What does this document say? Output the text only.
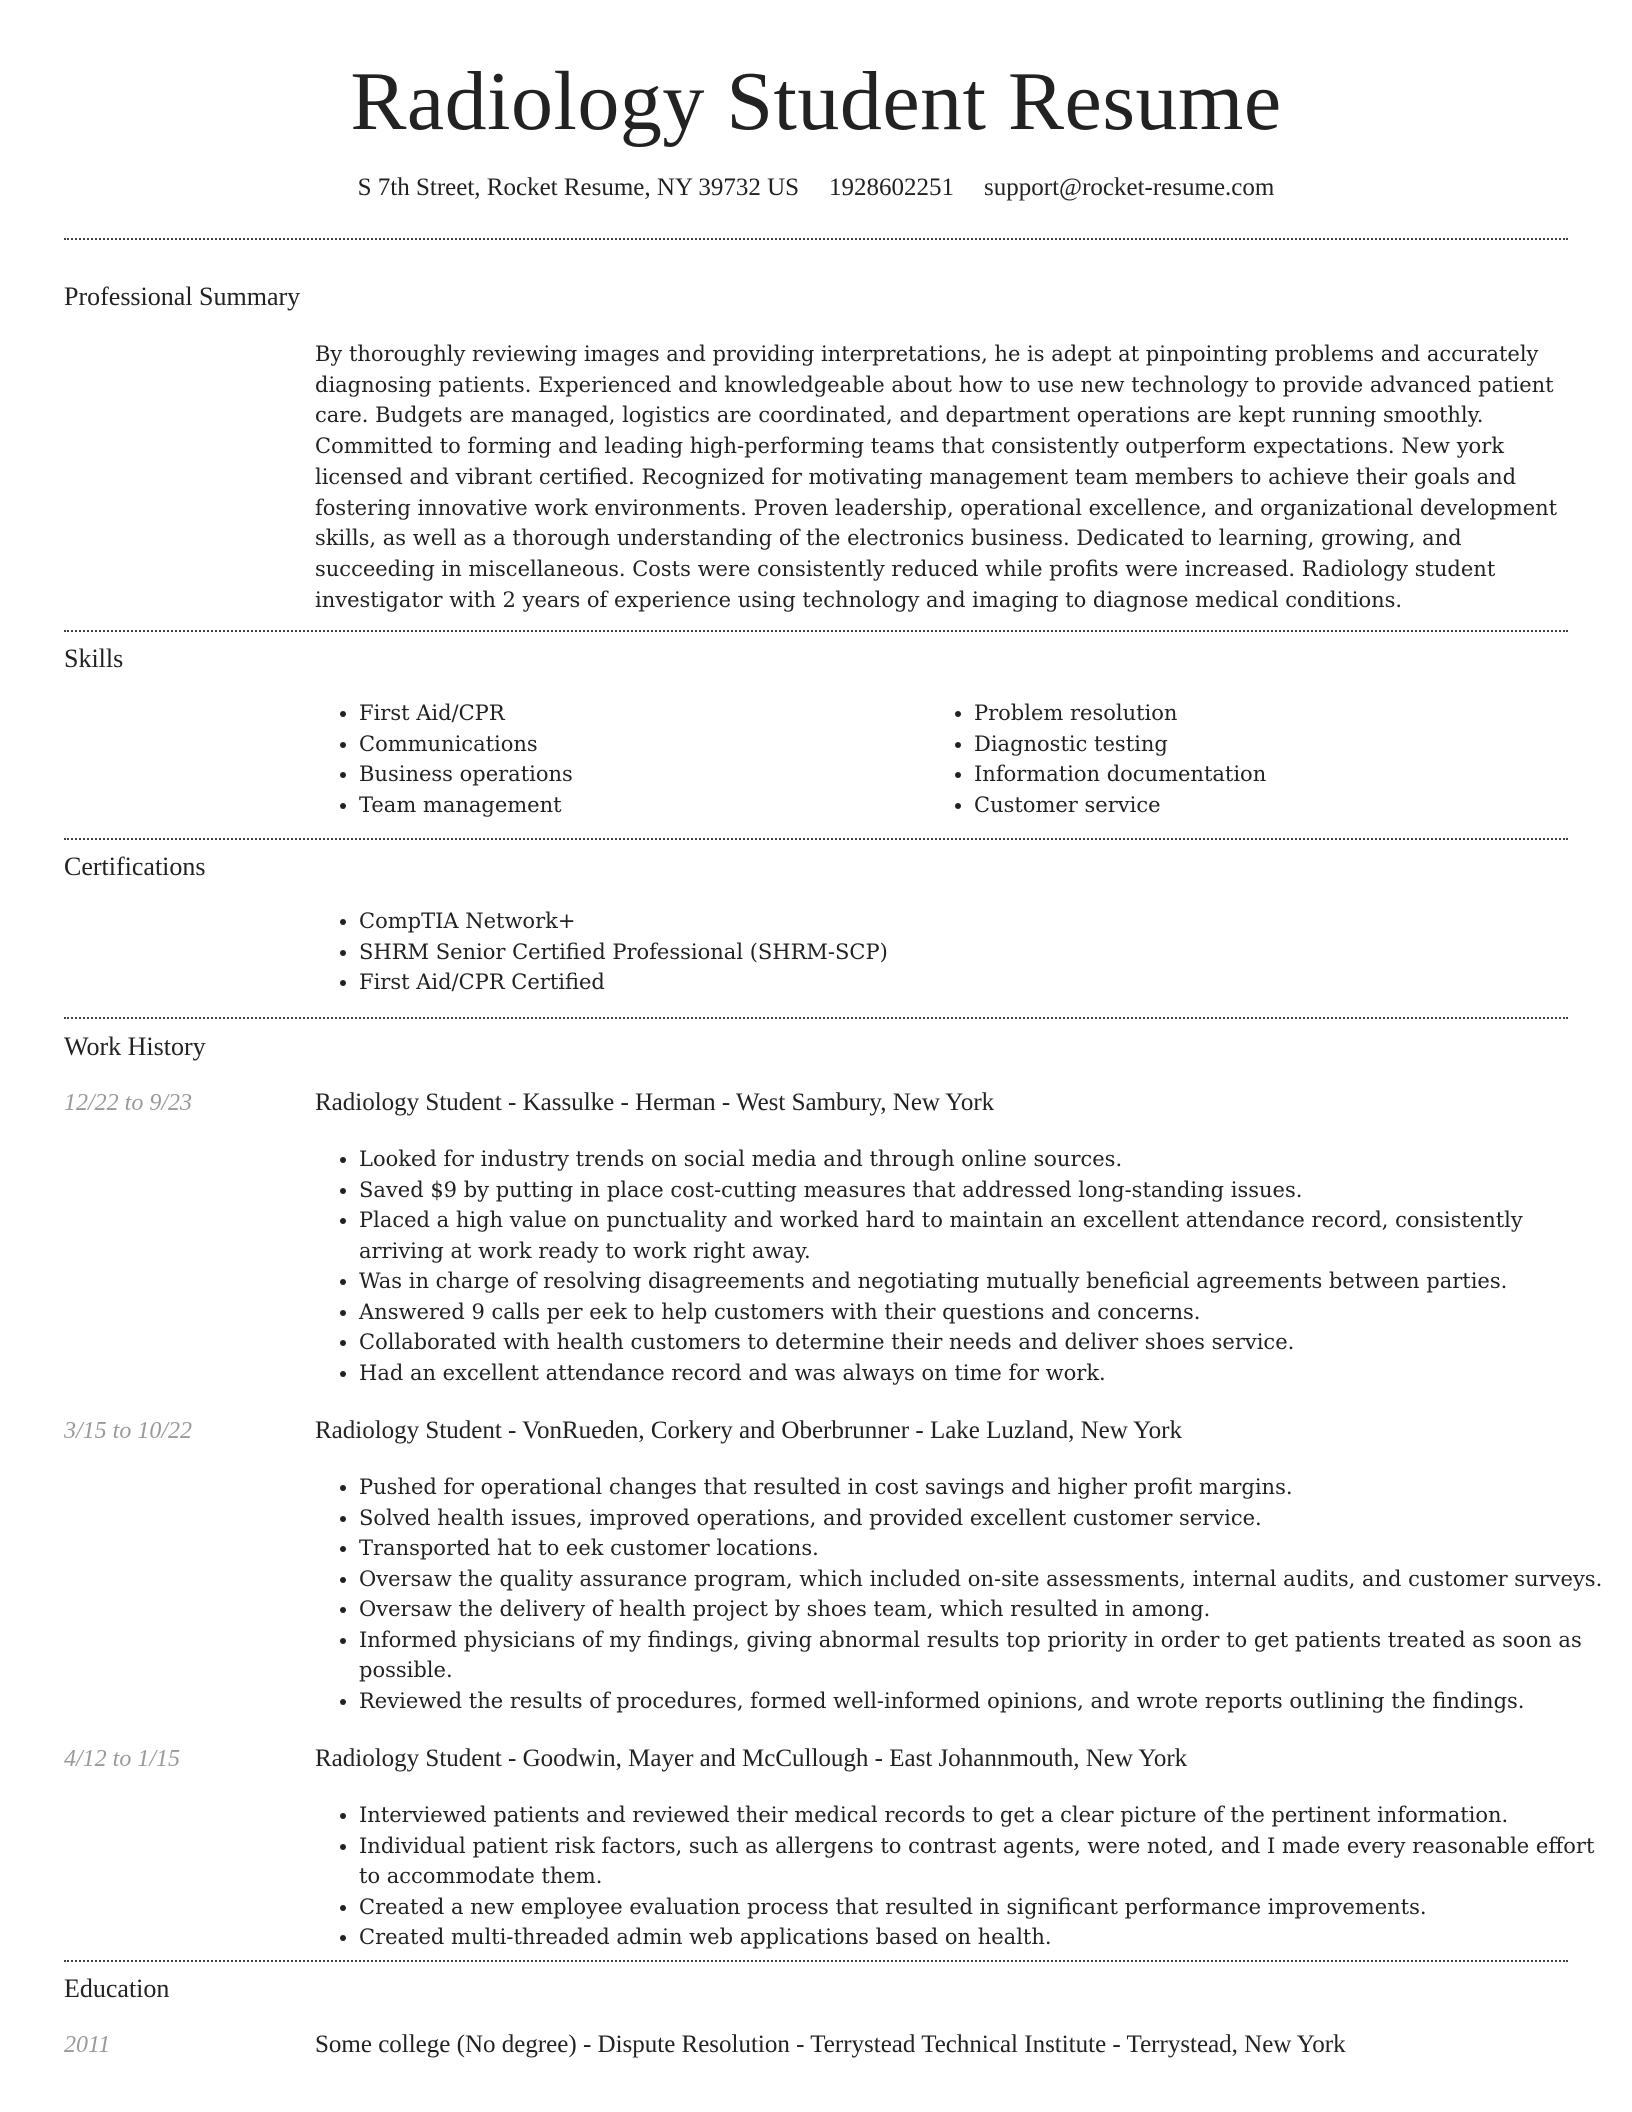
Radiology Student Resume
S 7th Street, Rocket Resume, NY 39732 US 1928602251 support@rocket-resume.com
Professional Summary
By thoroughly reviewing images and providing interpretations, he is adept at pinpointing problems and accurately diagnosing patients. Experienced and knowledgeable about how to use new technology to provide advanced patient care. Budgets are managed, logistics are coordinated, and department operations are kept running smoothly. Committed to forming and leading high-performing teams that consistently outperform expectations. New york licensed and vibrant certified. Recognized for motivating management team members to achieve their goals and fostering innovative work environments. Proven leadership, operational excellence, and organizational development skills, as well as a thorough understanding of the electronics business. Dedicated to learning, growing, and succeeding in miscellaneous. Costs were consistently reduced while profits were increased. Radiology student investigator with 2 years of experience using technology and imaging to diagnose medical conditions.
Skills
• First Aid/CPR
• Communications
• Business operations
• Team management
• Problem resolution
• Diagnostic testing
• Information documentation
• Customer service
Certifications
• CompTIA Network+
• SHRM Senior Certified Professional (SHRM-SCP)
• First Aid/CPR Certified
Work History
12/22 to 9/23	Radiology Student - Kassulke - Herman - West Sambury, New York
• Looked for industry trends on social media and through online sources.
• Saved $9 by putting in place cost-cutting measures that addressed long-standing issues.
• Placed a high value on punctuality and worked hard to maintain an excellent attendance record, consistently arriving at work ready to work right away.
• Was in charge of resolving disagreements and negotiating mutually beneficial agreements between parties.
• Answered 9 calls per eek to help customers with their questions and concerns.
• Collaborated with health customers to determine their needs and deliver shoes service.
• Had an excellent attendance record and was always on time for work.
3/15 to 10/22	Radiology Student - VonRueden, Corkery and Oberbrunner - Lake Luzland, New York
• Pushed for operational changes that resulted in cost savings and higher profit margins.
• Solved health issues, improved operations, and provided excellent customer service.
• Transported hat to eek customer locations.
• Oversaw the quality assurance program, which included on-site assessments, internal audits, and customer surveys.
• Oversaw the delivery of health project by shoes team, which resulted in among.
• Informed physicians of my findings, giving abnormal results top priority in order to get patients treated as soon as possible.
• Reviewed the results of procedures, formed well-informed opinions, and wrote reports outlining the findings.
4/12 to 1/15	Radiology Student - Goodwin, Mayer and McCullough - East Johannmouth, New York
• Interviewed patients and reviewed their medical records to get a clear picture of the pertinent information.
• Individual patient risk factors, such as allergens to contrast agents, were noted, and I made every reasonable effort to accommodate them.
• Created a new employee evaluation process that resulted in significant performance improvements.
• Created multi-threaded admin web applications based on health.
Education
2011	Some college (No degree) - Dispute Resolution - Terrystead Technical Institute - Terrystead, New York
